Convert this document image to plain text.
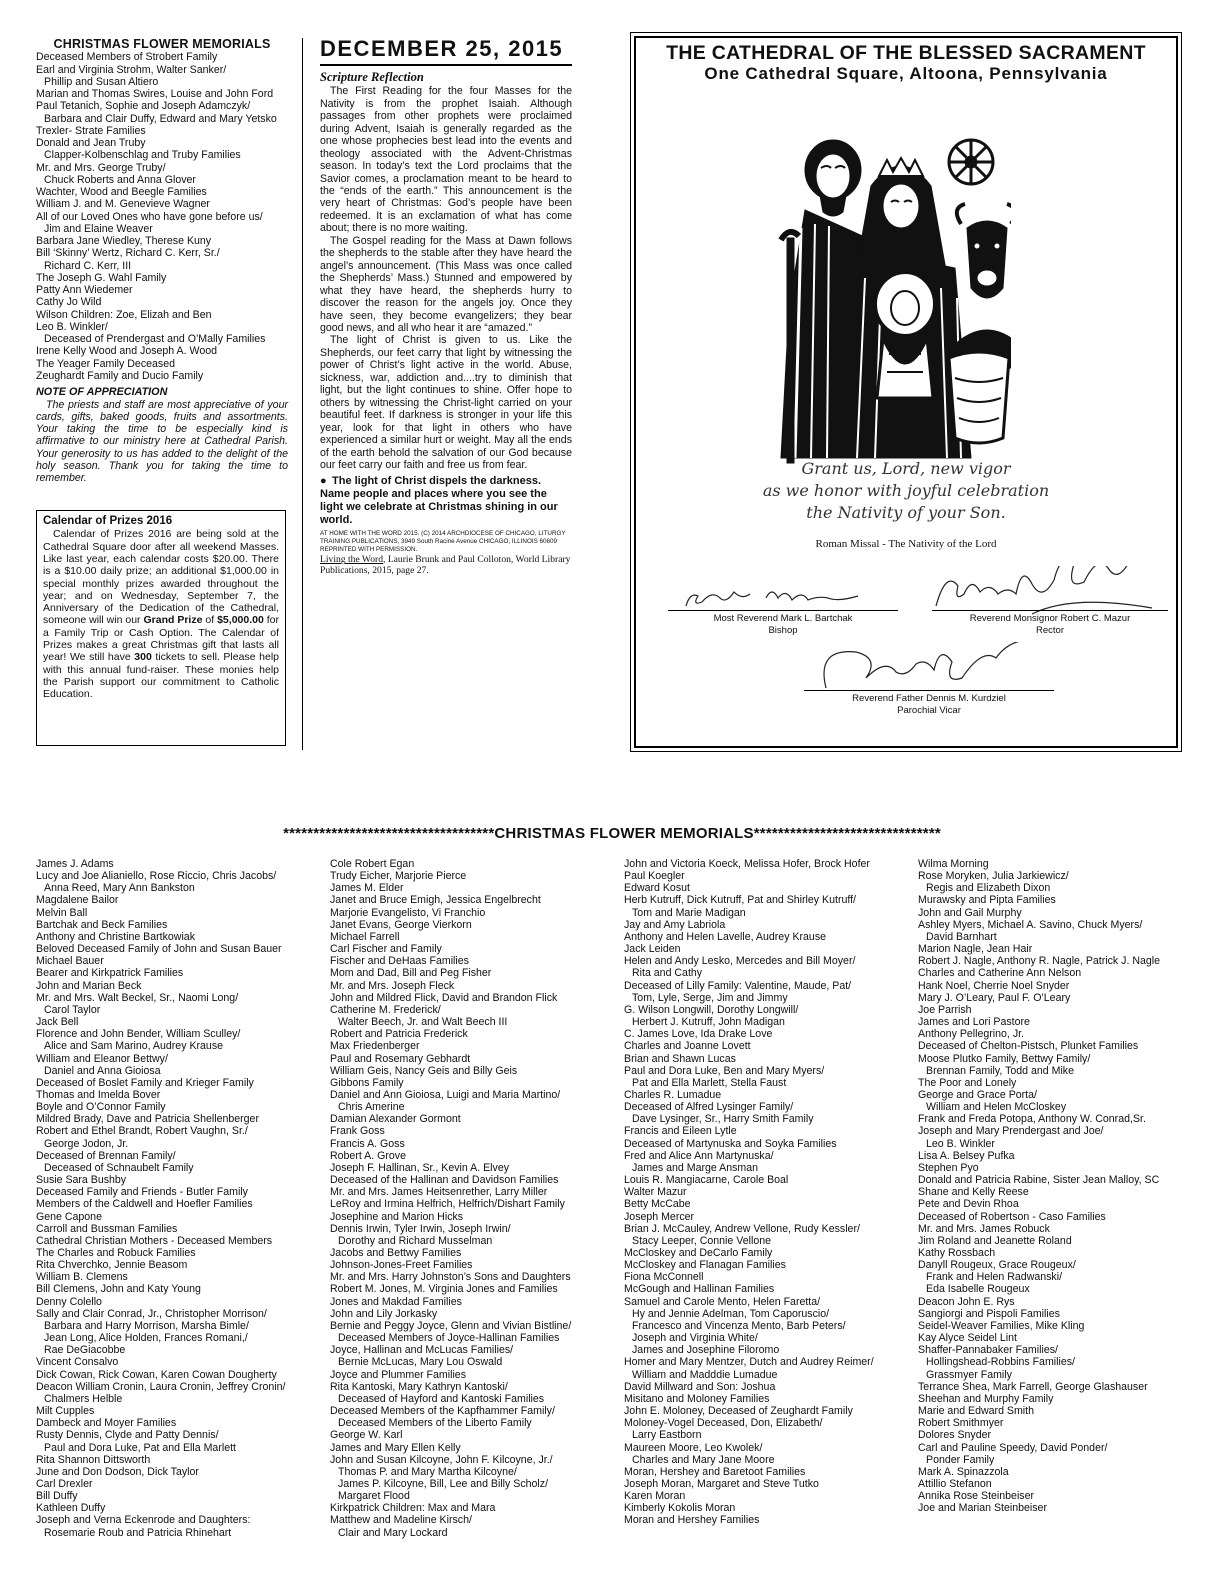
CHRISTMAS FLOWER MEMORIALS
Deceased Members of Strobert Family
Earl and Virginia Strohm, Walter Sanker/
Phillip and Susan Altiero
Marian and Thomas Swires, Louise and John Ford
Paul Tetanich, Sophie and Joseph Adamczyk/
Barbara and Clair Duffy, Edward and Mary Yetsko
Trexler- Strate Families
Donald and Jean Truby
Clapper-Kolbenschlag and Truby Families
Mr. and Mrs. George Truby/
Chuck Roberts and Anna Glover
Wachter, Wood and Beegle Families
William J. and M. Genevieve Wagner
All of our Loved Ones who have gone before us/
Jim and Elaine Weaver
Barbara Jane Wiedley, Therese Kuny
Bill ‘Skinny’ Wertz, Richard C. Kerr, Sr./
Richard C. Kerr, III
The Joseph G. Wahl Family
Patty Ann Wiedemer
Cathy Jo Wild
Wilson Children: Zoe, Elizah and Ben
Leo B. Winkler/
Deceased of Prendergast and O’Mally Families
Irene Kelly Wood and Joseph A. Wood
The Yeager Family Deceased
Zeughardt Family and Ducio Family
NOTE OF APPRECIATION
The priests and staff are most appreciative of your cards, gifts, baked goods, fruits and assortments. Your taking the time to be especially kind is affirmative to our ministry here at Cathedral Parish. Your generosity to us has added to the delight of the holy season. Thank you for taking the time to remember.
Calendar of Prizes 2016
Calendar of Prizes 2016 are being sold at the Cathedral Square door after all weekend Masses. Like last year, each calendar costs $20.00. There is a $10.00 daily prize; an additional $1,000.00 in special monthly prizes awarded throughout the year; and on Wednesday, September 7, the Anniversary of the Dedication of the Cathedral, someone will win our Grand Prize of $5,000.00 for a Family Trip or Cash Option. The Calendar of Prizes makes a great Christmas gift that lasts all year! We still have 300 tickets to sell. Please help with this annual fund-raiser. These monies help the Parish support our commitment to Catholic Education.
DECEMBER 25, 2015
Scripture Reflection
The First Reading for the four Masses for the Nativity is from the prophet Isaiah. Although passages from other prophets were proclaimed during Advent, Isaiah is generally regarded as the one whose prophecies best lead into the events and theology associated with the Advent-Christmas season. In today’s text the Lord proclaims that the Savior comes, a proclamation meant to be heard to the “ends of the earth.” This announcement is the very heart of Christmas: God’s people have been redeemed. It is an exclamation of what has come about; there is no more waiting.
The Gospel reading for the Mass at Dawn follows the shepherds to the stable after they have heard the angel’s announcement. (This Mass was once called the Shepherds’ Mass.) Stunned and empowered by what they have heard, the shepherds hurry to discover the reason for the angels joy. Once they have seen, they become evangelizers; they bear good news, and all who hear it are “amazed.”
The light of Christ is given to us. Like the Shepherds, our feet carry that light by witnessing the power of Christ’s light active in the world. Abuse, sickness, war, addiction and....try to diminish that light, but the light continues to shine. Offer hope to others by witnessing the Christ-light carried on your beautiful feet. If darkness is stronger in your life this year, look for that light in others who have experienced a similar hurt or weight. May all the ends of the earth behold the salvation of our God because our feet carry our faith and free us from fear.
● The light of Christ dispels the darkness. Name people and places where you see the light we celebrate at Christmas shining in our world.
AT HOME WITH THE WORD 2015. (C) 2014 ARCHDIOCESE OF CHICAGO, LITURGY TRAINING PUBLICATIONS, 3949 South Racine Avenue CHICAGO, ILLINOIS 60609 REPRINTED WITH PERMISSION.
Living the Word, Laurie Brunk and Paul Colloton, World Library Publications, 2015, page 27.
THE CATHEDRAL OF THE BLESSED SACRAMENT
One Cathedral Square, Altoona, Pennsylvania
Grant us, Lord, new vigor
as we honor with joyful celebration
the Nativity of your Son.
Roman Missal - The Nativity of the Lord
Most Reverend Mark L. Bartchak
Bishop
Reverend Monsignor Robert C. Mazur
Rector
Reverend Father Dennis M. Kurdziel
Parochial Vicar
***********************************CHRISTMAS FLOWER MEMORIALS*******************************
James J. Adams
Lucy and Joe Alianiello, Rose Riccio, Chris Jacobs/
Anna Reed, Mary Ann Bankston
Magdalene Bailor
Melvin Ball
Bartchak and Beck Families
Anthony and Christine Bartkowiak
Beloved Deceased Family of John and Susan Bauer
Michael Bauer
Bearer and Kirkpatrick Families
John and Marian Beck
Mr. and Mrs. Walt Beckel, Sr., Naomi Long/
Carol Taylor
Jack Bell
Florence and John Bender, William Sculley/
Alice and Sam Marino, Audrey Krause
William and Eleanor Bettwy/
Daniel and Anna Gioiosa
Deceased of Boslet Family and Krieger Family
Thomas and Imelda Bover
Boyle and O’Connor Family
Mildred Brady, Dave and Patricia Shellenberger
Robert and Ethel Brandt, Robert Vaughn, Sr./
George Jodon, Jr.
Deceased of Brennan Family/
Deceased of Schnaubelt Family
Susie Sara Bushby
Deceased Family and Friends - Butler Family
Members of the Caldwell and Hoefler Families
Gene Capone
Carroll and Bussman Families
Cathedral Christian Mothers - Deceased Members
The Charles and Robuck Families
Rita Chverchko, Jennie Beasom
William B. Clemens
Bill Clemens, John and Katy Young
Denny Colello
Sally and Clair Conrad, Jr., Christopher Morrison/
Barbara and Harry Morrison, Marsha Bimle/
Jean Long, Alice Holden, Frances Romani,/
Rae DeGiacobbe
Vincent Consalvo
Dick Cowan, Rick Cowan, Karen Cowan Dougherty
Deacon William Cronin, Laura Cronin, Jeffrey Cronin/
Chalmers Helble
Milt Cupples
Dambeck and Moyer Families
Rusty Dennis, Clyde and Patty Dennis/
Paul and Dora Luke, Pat and Ella Marlett
Rita Shannon Dittsworth
June and Don Dodson, Dick Taylor
Carl Drexler
Bill Duffy
Kathleen Duffy
Joseph and Verna Eckenrode and Daughters:
Rosemarie Roub and Patricia Rhinehart
Cole Robert Egan
Trudy Eicher, Marjorie Pierce
James M. Elder
Janet and Bruce Emigh, Jessica Engelbrecht
Marjorie Evangelisto, Vi Franchio
Janet Evans, George Vierkorn
Michael Farrell
Carl Fischer and Family
Fischer and DeHaas Families
Mom and Dad, Bill and Peg Fisher
Mr. and Mrs. Joseph Fleck
John and Mildred Flick, David and Brandon Flick
Catherine M. Frederick/
Walter Beech, Jr. and Walt Beech III
Robert and Patricia Frederick
Max Friedenberger
Paul and Rosemary Gebhardt
William Geis, Nancy Geis and Billy Geis
Gibbons Family
Daniel and Ann Gioiosa, Luigi and Maria Martino/
Chris Amerine
Damian Alexander Gormont
Frank Goss
Francis A. Goss
Robert A. Grove
Joseph F. Hallinan, Sr., Kevin A. Elvey
Deceased of the Hallinan and Davidson Families
Mr. and Mrs. James Heitsenrether, Larry Miller
LeRoy and Irmina Helfrich, Helfrich/Dishart Family
Josephine and Marion Hicks
Dennis Irwin, Tyler Irwin, Joseph Irwin/
Dorothy and Richard Musselman
Jacobs and Bettwy Families
Johnson-Jones-Freet Families
Mr. and Mrs. Harry Johnston’s Sons and Daughters
Robert M. Jones, M. Virginia Jones and Families
Jones and Makdad Families
John and Lily Jorkasky
Bernie and Peggy Joyce, Glenn and Vivian Bistline/
Deceased Members of Joyce-Hallinan Families
Joyce, Hallinan and McLucas Families/
Bernie McLucas, Mary Lou Oswald
Joyce and Plummer Families
Rita Kantoski, Mary Kathryn Kantoski/
Deceased of Hayford and Kantoski Families
Deceased Members of the Kapfhammer Family/
Deceased Members of the Liberto Family
George W. Karl
James and Mary Ellen Kelly
John and Susan Kilcoyne, John F. Kilcoyne, Jr./
Thomas P. and Mary Martha Kilcoyne/
James P. Kilcoyne, Bill, Lee and Billy Scholz/
Margaret Flood
Kirkpatrick Children: Max and Mara
Matthew and Madeline Kirsch/
Clair and Mary Lockard
John and Victoria Koeck, Melissa Hofer, Brock Hofer
Paul Koegler
Edward Kosut
Herb Kutruff, Dick Kutruff, Pat and Shirley Kutruff/
Tom and Marie Madigan
Jay and Amy Labriola
Anthony and Helen Lavelle, Audrey Krause
Jack Leiden
Helen and Andy Lesko, Mercedes and Bill Moyer/
Rita and Cathy
Deceased of Lilly Family: Valentine, Maude, Pat/
Tom, Lyle, Serge, Jim and Jimmy
G. Wilson Longwill, Dorothy Longwill/
Herbert J. Kutruff, John Madigan
C. James Love, Ida Drake Love
Charles and Joanne Lovett
Brian and Shawn Lucas
Paul and Dora Luke, Ben and Mary Myers/
Pat and Ella Marlett, Stella Faust
Charles R. Lumadue
Deceased of Alfred Lysinger Family/
Dave Lysinger, Sr., Harry Smith Family
Francis and Eileen Lytle
Deceased of Martynuska and Soyka Families
Fred and Alice Ann Martynuska/
James and Marge Ansman
Louis R. Mangiacarne, Carole Boal
Walter Mazur
Betty McCabe
Joseph Mercer
Brian J. McCauley, Andrew Vellone, Rudy Kessler/
Stacy Leeper, Connie Vellone
McCloskey and DeCarlo Family
McCloskey and Flanagan Families
Fiona McConnell
McGough and Hallinan Families
Samuel and Carole Mento, Helen Faretta/
Hy and Jennie Adelman, Tom Caporuscio/
Francesco and Vincenza Mento, Barb Peters/
Joseph and Virginia White/
James and Josephine Filoromo
Homer and Mary Mentzer, Dutch and Audrey Reimer/
William and Madddie Lumadue
David Millward and Son: Joshua
Misitano and Moloney Families
John E. Moloney, Deceased of Zeughardt Family
Moloney-Vogel Deceased, Don, Elizabeth/
Larry Eastborn
Maureen Moore, Leo Kwolek/
Charles and Mary Jane Moore
Moran, Hershey and Baretoot Families
Joseph Moran, Margaret and Steve Tutko
Karen Moran
Kimberly Kokolis Moran
Moran and Hershey Families
Wilma Morning
Rose Moryken, Julia Jarkiewicz/
Regis and Elizabeth Dixon
Murawsky and Pipta Families
John and Gail Murphy
Ashley Myers, Michael A. Savino, Chuck Myers/
David Barnhart
Marion Nagle, Jean Hair
Robert J. Nagle, Anthony R. Nagle, Patrick J. Nagle
Charles and Catherine Ann Nelson
Hank Noel, Cherrie Noel Snyder
Mary J. O’Leary, Paul F. O’Leary
Joe Parrish
James and Lori Pastore
Anthony Pellegrino, Jr.
Deceased of Chelton-Pistsch, Plunket Families
Moose Plutko Family, Bettwy Family/
Brennan Family, Todd and Mike
The Poor and Lonely
George and Grace Porta/
William and Helen McCloskey
Frank and Freda Potopa, Anthony W. Conrad,Sr.
Joseph and Mary Prendergast and Joe/
Leo B. Winkler
Lisa A. Belsey Pufka
Stephen Pyo
Donald and Patricia Rabine, Sister Jean Malloy, SC
Shane and Kelly Reese
Pete and Devin Rhoa
Deceased of Robertson - Caso Families
Mr. and Mrs. James Robuck
Jim Roland and Jeanette Roland
Kathy Rossbach
Danyll Rougeux, Grace Rougeux/
Frank and Helen Radwanski/
Eda Isabelle Rougeux
Deacon John E. Rys
Sangiorgi and Pispoli Families
Seidel-Weaver Families, Mike Kling
Kay Alyce Seidel Lint
Shaffer-Pannabaker Families/
Hollingshead-Robbins Families/
Grassmyer Family
Terrance Shea, Mark Farrell, George Glashauser
Sheehan and Murphy Family
Marie and Edward Smith
Robert Smithmyer
Dolores Snyder
Carl and Pauline Speedy, David Ponder/
Ponder Family
Mark A. Spinazzola
Attillio Stefanon
Annika Rose Steinbeiser
Joe and Marian Steinbeiser
